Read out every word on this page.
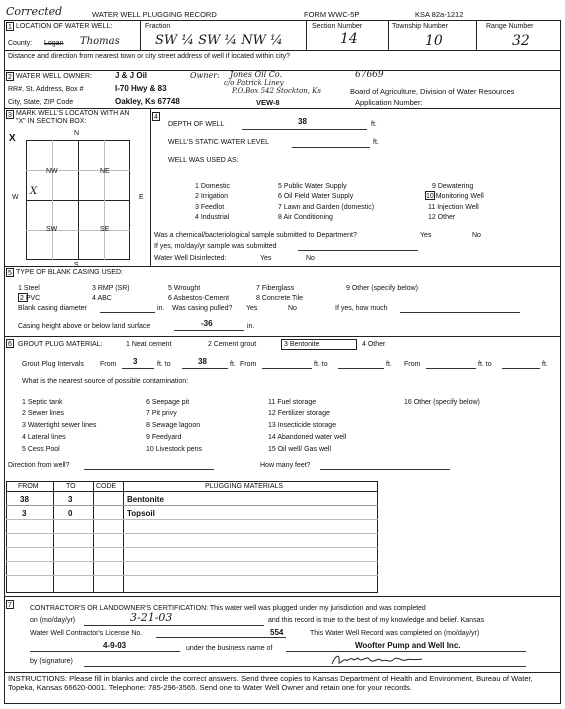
Corrected	WATER WELL PLUGGING RECORD	FORM WWC-5P	KSA 82a-1212
1 LOCATION OF WATER WELL:	Fraction	Section Number	Township Number	Range Number
County: Logan Thomas	SW ¼ SW ¼ NW ¼	14	10	32
Distance and direction from nearest town or city street address of well if located within city?
2 WATER WELL OWNER:	J & J Oil	Owner: Jones Oil Co.
c/o Patrick Liney
P.O.Box 542 Stockton, Ks
67669
RR#, St. Address, Box #	I-70 Hwy & 83
City, State, ZIP Code	Oakley, Ks 67748	VEW-8
Board of Agriculture, Division of Water Resources
Application Number:
3 MARK WELL'S LOCATON WITH AN
"X" IN SECTION BOX:
X	N
W	E
NW	NE
SW	SE
X
4
DEPTH OF WELL	38	ft.
WELL'S STATIC WATER LEVEL	ft.
WELL WAS USED AS:
1 Domestic	5 Public Water Supply	9 Dewatering
2 Irrigation	6 Oil Field Water Supply	10 Monitoring Well
3 Feedlot	7 Lawn and Garden (domestic)	11 Injection Well
4 Industrial	8 Air Conditioning	12 Other
Was a chemical/bacteriological sample submitted to Department?	Yes	No
If yes, mo/day/yr sample was submitted
Water Well Disinfected:	Yes	No
5 TYPE OF BLANK CASING USED:
1 Steel	3 RMP (SR)	5 Wrought	7 Fiberglass	9 Other (specify below)
2 PVC	4 ABC	6 Asbestos-Cement	8 Concrete Tile
Blank casing diameter	in. Was casing pulled? Yes	No	If yes, how much
Casing height above or below land surface	-36	in.
6 GROUT PLUG MATERIAL:	1 Neat cement	2 Cement grout	3 Bentonite	4 Other
Grout Plug Intervals From 3	ft. to	38	ft. From	ft. to	ft. From	ft. to	ft.
What is the nearest source of possible contamination:
1 Septic tank	6 Seepage pit	11 Fuel storage	16 Other (specify below)
2 Sewer lines	7 Pit privy	12 Fertilizer storage
3 Watertight sewer lines	8 Sewage lagoon	13 Insecticide storage
4 Lateral lines	9 Feedyard	14 Abandoned water well
5 Cess Pool	10 Livestock pens	15 Oil well/ Gas well
Direction from well?	How many feet?
FROM	TO	CODE	PLUGGING MATERIALS
38	3	Bentonite
3	0	Topsoil
7	CONTRACTOR'S OR LANDOWNER'S CERTIFICATION: This water well was plugged under my jurisdiction and was completed
on (mo/day/yr)	3-21-03	and this record is true to the best of my knowledge and belief. Kansas
Water Well Contractor's License No.	554	This Water Well Record was completed on (mo/day/yr)
4-9-03	under the business name of	Woofter Pump and Well Inc.
by (signature)
INSTRUCTIONS: Please fill in blanks and circle the correct answers. Send three copies to Kansas Department of Health and Environment, Bureau of Water, Topeka, Kansas 66620-0001. Telephone: 785-296-3565. Send one to Water Well Owner and retain one for your records.
